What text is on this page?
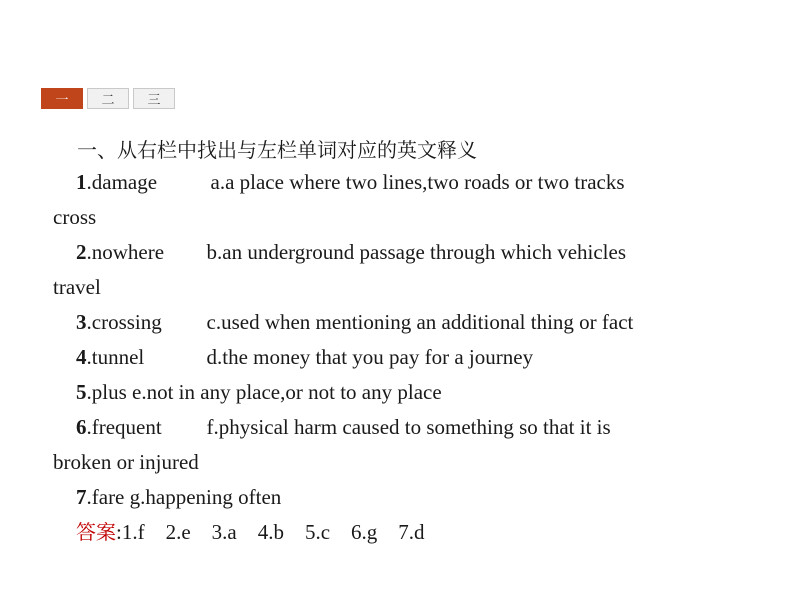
一	二	三
一、从右栏中找出与左栏单词对应的英文释义
1.damage	a.a place where two lines,two roads or two tracks
cross
2.nowhere b.an underground passage through which vehicles
travel
3.crossing c.used when mentioning an additional thing or fact
4.tunnel	d.the money that you pay for a journey
5.plus e.not in any place,or not to any place
6.frequent f.physical harm caused to something so that it is
broken or injured
7.fare g.happening often
答案:1.f    2.e    3.a    4.b    5.c    6.g    7.d
